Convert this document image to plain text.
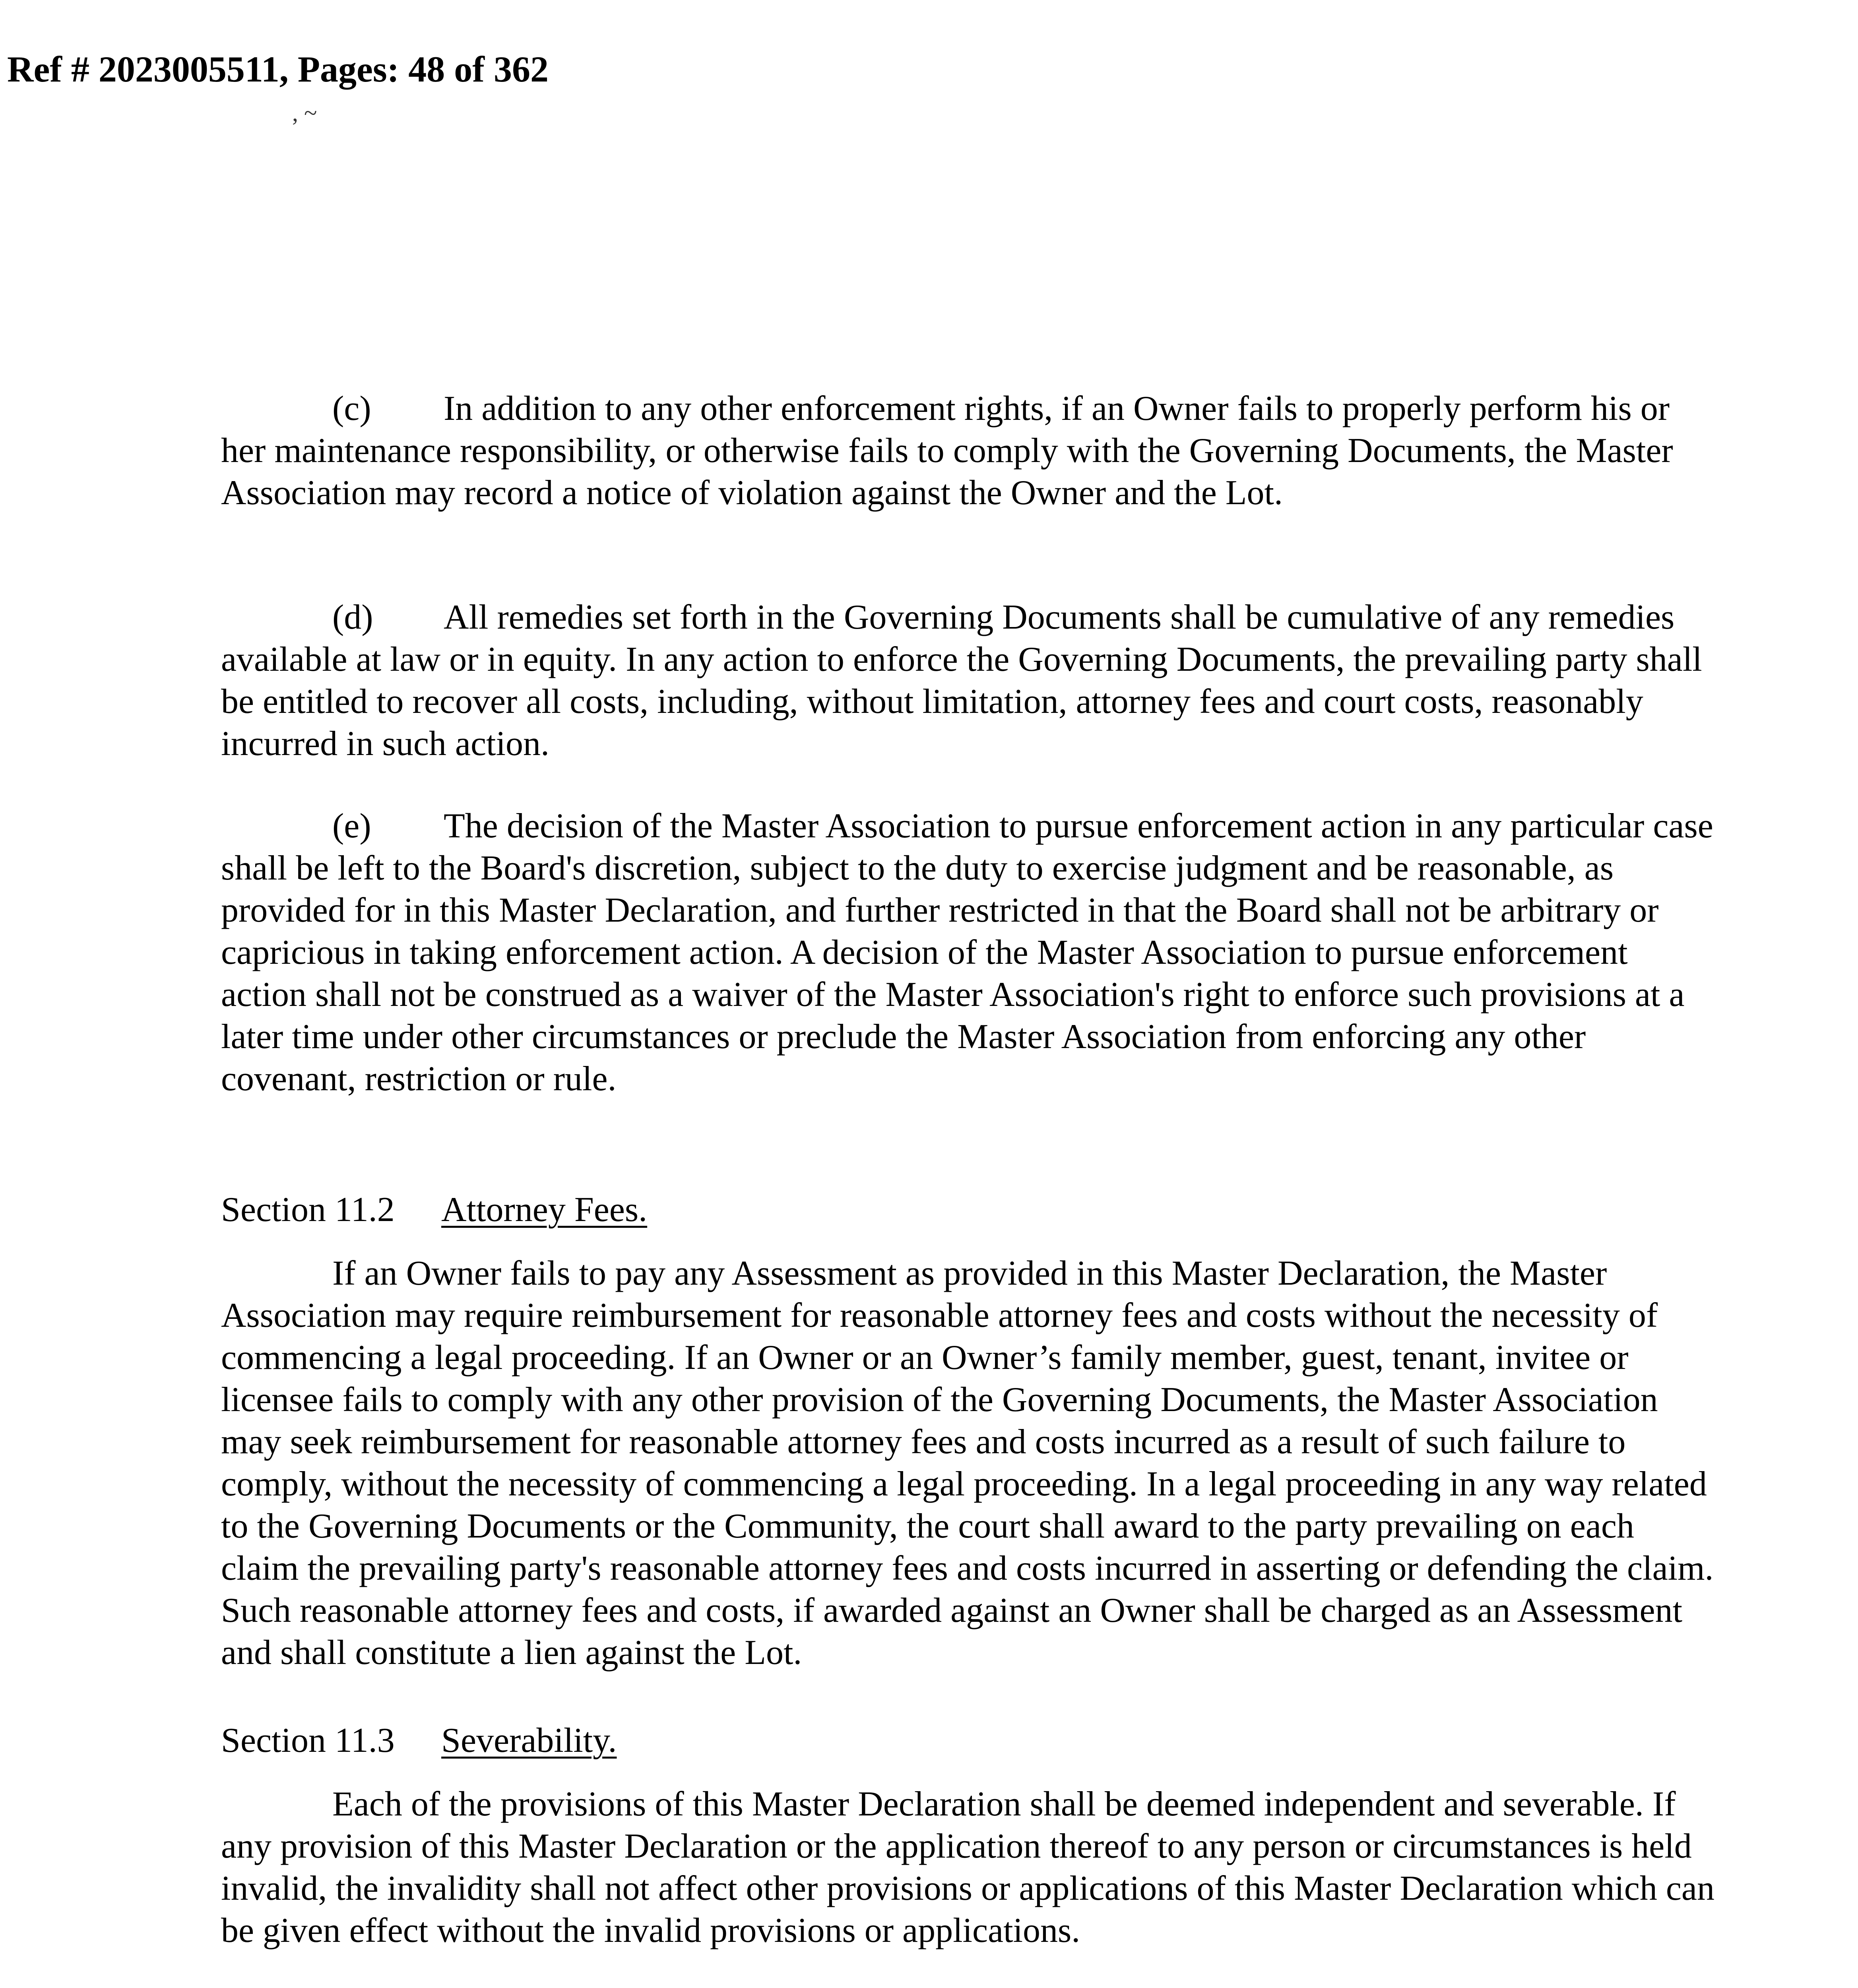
Ref # 2023005511, Pages: 48 of 362
, ~

(c) In addition to any other enforcement rights, if an Owner fails to properly perform his or her maintenance responsibility, or otherwise fails to comply with the Governing Documents, the Master Association may record a notice of violation against the Owner and the Lot.

(d) All remedies set forth in the Governing Documents shall be cumulative of any remedies available at law or in equity. In any action to enforce the Governing Documents, the prevailing party shall be entitled to recover all costs, including, without limitation, attorney fees and court costs, reasonably incurred in such action.

(e) The decision of the Master Association to pursue enforcement action in any particular case shall be left to the Board's discretion, subject to the duty to exercise judgment and be reasonable, as provided for in this Master Declaration, and further restricted in that the Board shall not be arbitrary or capricious in taking enforcement action. A decision of the Master Association to pursue enforcement action shall not be construed as a waiver of the Master Association's right to enforce such provisions at a later time under other circumstances or preclude the Master Association from enforcing any other covenant, restriction or rule.

Section 11.2 Attorney Fees.

If an Owner fails to pay any Assessment as provided in this Master Declaration, the Master Association may require reimbursement for reasonable attorney fees and costs without the necessity of commencing a legal proceeding. If an Owner or an Owner’s family member, guest, tenant, invitee or licensee fails to comply with any other provision of the Governing Documents, the Master Association may seek reimbursement for reasonable attorney fees and costs incurred as a result of such failure to comply, without the necessity of commencing a legal proceeding. In a legal proceeding in any way related to the Governing Documents or the Community, the court shall award to the party prevailing on each claim the prevailing party's reasonable attorney fees and costs incurred in asserting or defending the claim. Such reasonable attorney fees and costs, if awarded against an Owner shall be charged as an Assessment and shall constitute a lien against the Lot.

Section 11.3 Severability.

Each of the provisions of this Master Declaration shall be deemed independent and severable. If any provision of this Master Declaration or the application thereof to any person or circumstances is held invalid, the invalidity shall not affect other provisions or applications of this Master Declaration which can be given effect without the invalid provisions or applications.
